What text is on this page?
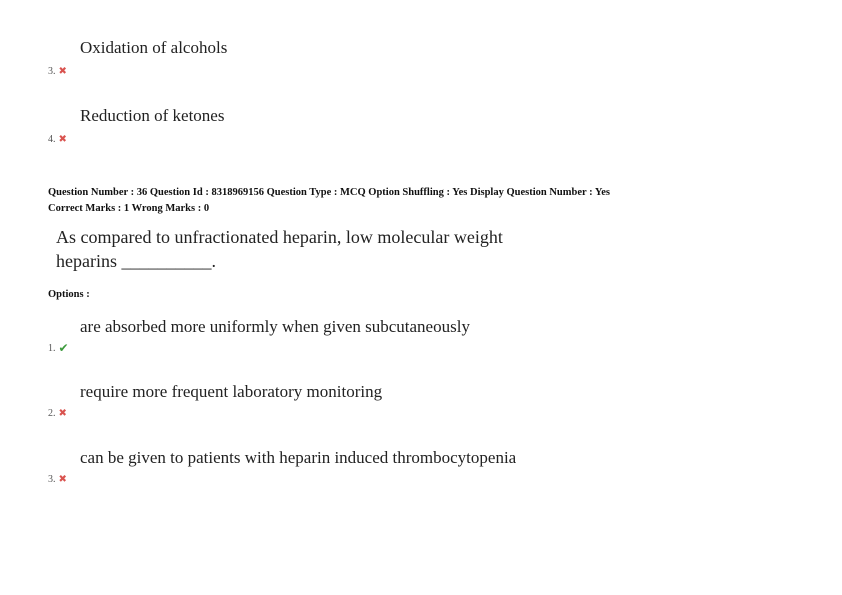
Oxidation of alcohols
3. ✖
Reduction of ketones
4. ✖
Question Number : 36 Question Id : 8318969156 Question Type : MCQ Option Shuffling : Yes Display Question Number : Yes
Correct Marks : 1 Wrong Marks : 0
As compared to unfractionated heparin, low molecular weight
heparins __________.
Options :
are absorbed more uniformly when given subcutaneously
1. ✔
require more frequent laboratory monitoring
2. ✖
can be given to patients with heparin induced thrombocytopenia
3. ✖
